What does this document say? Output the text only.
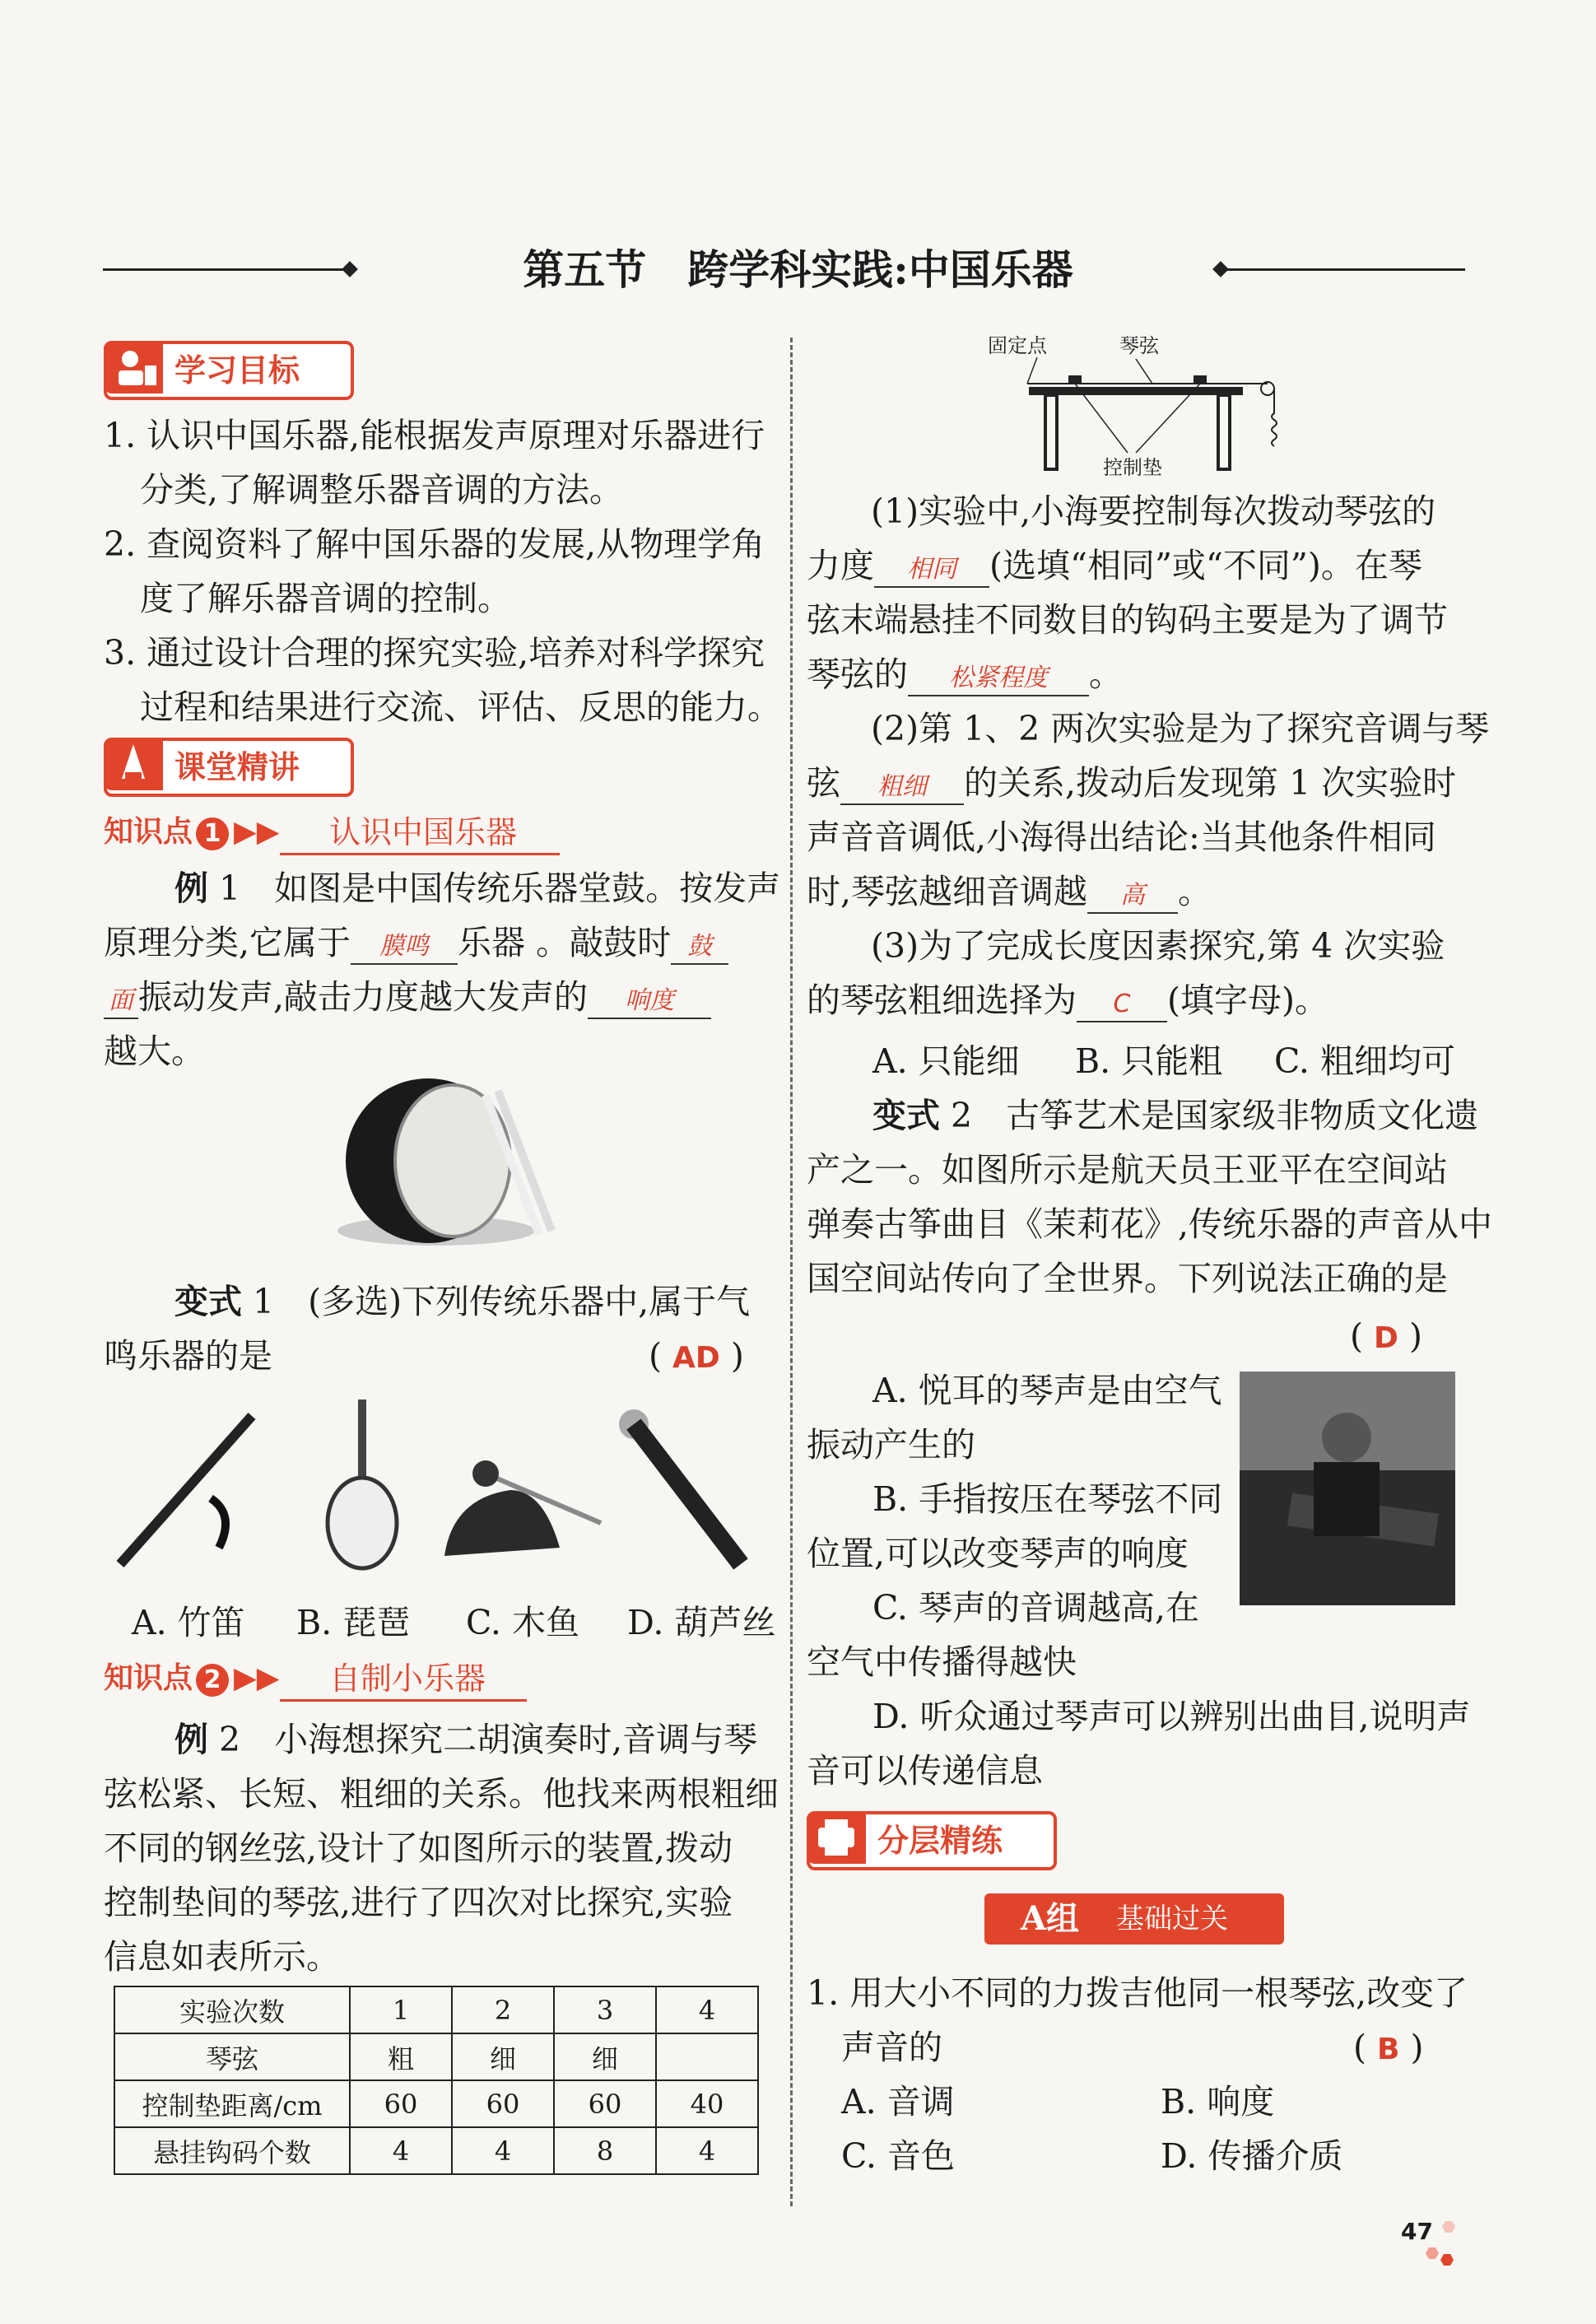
第五节　跨学科实践:中国乐器
学习目标
1. 认识中国乐器,能根据发声原理对乐器进行
分类,了解调整乐器音调的方法。
2. 查阅资料了解中国乐器的发展,从物理学角
度了解乐器音调的控制。
3. 通过设计合理的探究实验,培养对科学探究
过程和结果进行交流、评估、反思的能力。
课堂精讲
知识点 1 ▶▶ 认识中国乐器
例 1　 如图是中国传统乐器堂鼓。按发声
原理分类,它属于 膜鸣 乐器 。敲鼓时 鼓
面 振动发声,敲击力度越大发声的 响度
越大。
变式 1　 (多选)下列传统乐器中,属于气
鸣乐器的是	( AD )
A. 竹笛 B. 琵琶 C. 木鱼 D. 葫芦丝
知识点 2 ▶▶ 自制小乐器
例 2　 小海想探究二胡演奏时,音调与琴
弦松紧、长短、粗细的关系。他找来两根粗细
不同的钢丝弦,设计了如图所示的装置,拨动
控制垫间的琴弦,进行了四次对比探究,实验
信息如表所示。
实验次数	1	2	3	4
琴弦	粗	细	细	
控制垫距离/cm	60	60	60	40
悬挂钩码个数	4	4	8	4
固定点	琴弦
控制垫
(1)实验中,小海要控制每次拨动琴弦的
力度 相同 (选填“相同”或“不同”)。在琴
弦末端悬挂不同数目的钩码主要是为了调节
琴弦的 松紧程度 。
(2)第 1、2 两次实验是为了探究音调与琴
弦 粗细 的关系,拨动后发现第 1 次实验时
声音音调低,小海得出结论:当其他条件相同
时,琴弦越细音调越 高 。
(3)为了完成长度因素探究,第 4 次实验
的琴弦粗细选择为 C (填字母)。
A. 只能细 B. 只能粗 C. 粗细均可
变式 2　 古筝艺术是国家级非物质文化遗
产之一。如图所示是航天员王亚平在空间站
弹奏古筝曲目《茉莉花》,传统乐器的声音从中
国空间站传向了全世界。下列说法正确的是
( D )
A. 悦耳的琴声是由空气
振动产生的
B. 手指按压在琴弦不同
位置,可以改变琴声的响度
C. 琴声的音调越高,在
空气中传播得越快
D. 听众通过琴声可以辨别出曲目,说明声
音可以传递信息
分层精练
A组 基础过关
1. 用大小不同的力拨吉他同一根琴弦,改变了
声音的	( B )
A. 音调	B. 响度
C. 音色	D. 传播介质
47
